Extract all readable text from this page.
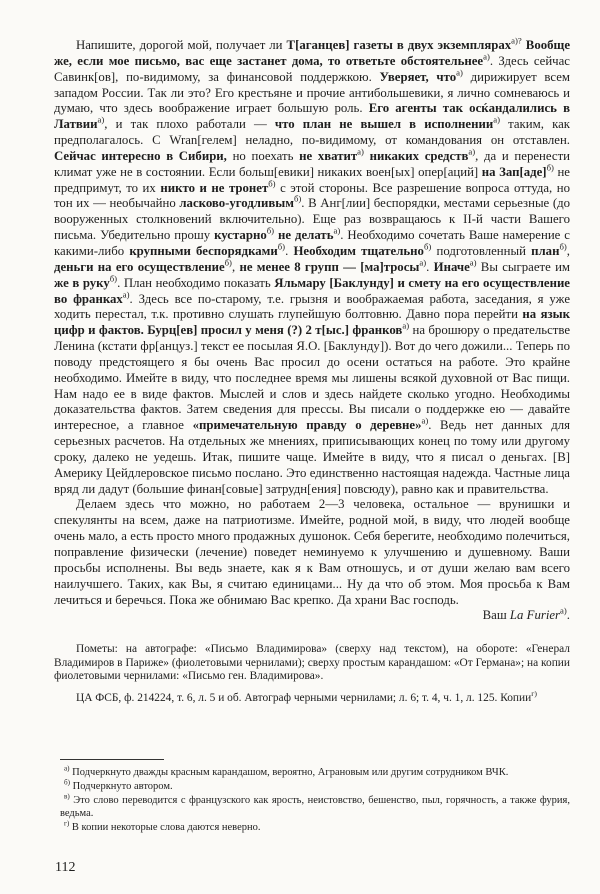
Напишите, дорогой мой, получает ли Т[аганцев] газеты в двух экземплярах$^{а)?}$ Вообще же, если мое письмо, вас еще застанет дома, то ответьте обстоятельнее$^{а)}$. Здесь сейчас Савинк[ов], по-видимому, за финансовой поддержкою. Уверяет, что$^{а)}$ дирижирует всем западом России. Так ли это? Его крестьяне и прочие антибольшевики, я лично сомневаюсь и думаю, что здесь воображение играет большую роль. Его агенты так осќандалились в Латвии$^{а)}$, и так плохо работали — что план не вышел в исполнении$^{а)}$ таким, как предполагалось. С Wran[гелем] неладно, по-видимому, от командования он отставлен. Сейчас интересно в Сибири, но поехать не хватит$^{а)}$ никаких средств$^{а)}$, да и перенести климат уже не в состоянии. Если больш[евики] никаких воен[ых] опер[аций] на Зап[аде]$^{б)}$ не предпримут, то их никто и не тронет$^{б)}$ с этой стороны. Все разрешение вопроса оттуда, но тон их — необычайно ласково-угодливым$^{б)}$. В Анг[лии] беспорядки, местами серьезные (до вооруженных столкновений включительно). Еще раз возвращаюсь к II-й части Вашего письма. Убедительно прошу кустарно$^{б)}$ не делать$^{а)}$. Необходимо сочетать Ваше намерение с какими-либо крупными беспорядками$^{б)}$. Необходим тщательно$^{б)}$ подготовленный план$^{б)}$, деньги на его осуществление$^{б)}$, не менее 8 групп — [ма]тросы$^{а)}$. Иначе$^{а)}$ Вы сыграете им же в руку$^{б)}$. План необходимо показать Яльмару [Баклунду] и смету на его осуществление во франках$^{а)}$. Здесь все по-старому, т.е. грызня и воображаемая работа, заседания, я уже ходить перестал, т.к. противно слушать глупейшую болтовню. Давно пора перейти на язык цифр и фактов. Бурц[ев] просил у меня (?) 2 т[ыс.] франков$^{а)}$ на брошюру о предательстве Ленина (кстати фр[анцуз.] текст ее посылая Я.О. [Баклунду]). Вот до чего дожили... Теперь по поводу предстоящего я бы очень Вас просил до осени остаться на работе. Это крайне необходимо. Имейте в виду, что последнее время мы лишены всякой духовной от Вас пищи. Нам надо ее в виде фактов. Мыслей и слов и здесь найдете сколько угодно. Необходимы доказательства фактов. Затем сведения для прессы. Вы писали о поддержке ею — давайте интересное, а главное «примечательную правду о деревне»$^{а)}$. Ведь нет данных для серьезных расчетов. На отдельных же мнениях, приписывающих конец по тому или другому сроку, далеко не уедешь. Итак, пишите чаще. Имейте в виду, что я писал о деньгах. [В] Америку Цейдлеровское письмо послано. Это единственно настоящая надежда. Частные лица вряд ли дадут (большие финан[совые] затрудн[ения] повсюду), равно как и правительства.

Делаем здесь что можно, но работаем 2—3 человека, остальное — врунишки и спекулянты на всем, даже на патриотизме. Имейте, родной мой, в виду, что людей вообще очень мало, а есть просто много продажных душонок. Себя берегите, необходимо полечиться, поправление физически (лечение) поведет неминуемо к улучшению и душевному. Ваши просьбы исполнены. Вы ведь знаете, как я к Вам отношусь, и от души желаю вам всего наилучшего. Таких, как Вы, я считаю единицами... Ну да что об этом. Моя просьба к Вам лечиться и беречься. Пока же обнимаю Вас крепко. Да храни Вас господь.

Ваш La Furier$^{а)}$.

Пометы: на автографе: «Письмо Владимирова» (сверху над текстом), на обороте: «Генерал Владимиров в Париже» (фиолетовыми чернилами); сверху простым карандашом: «От Германа»; на копии фиолетовыми чернилами: «Письмо ген. Владимирова».

ЦА ФСБ, ф. 214224, т. 6, л. 5 и об. Автограф черными чернилами; л. 6; т. 4, ч. 1, л. 125. Копии$^{г)}$

$^{а)}$ Подчеркнуто дважды красным карандашом, вероятно, Аграновым или другим сотрудником ВЧК.

$^{б)}$ Подчеркнуто автором.

$^{в)}$ Это слово переводится с французского как ярость, неистовство, бешенство, пыл, горячность, а также фурия, ведьма.

$^{г)}$ В копии некоторые слова даются неверно.

112
